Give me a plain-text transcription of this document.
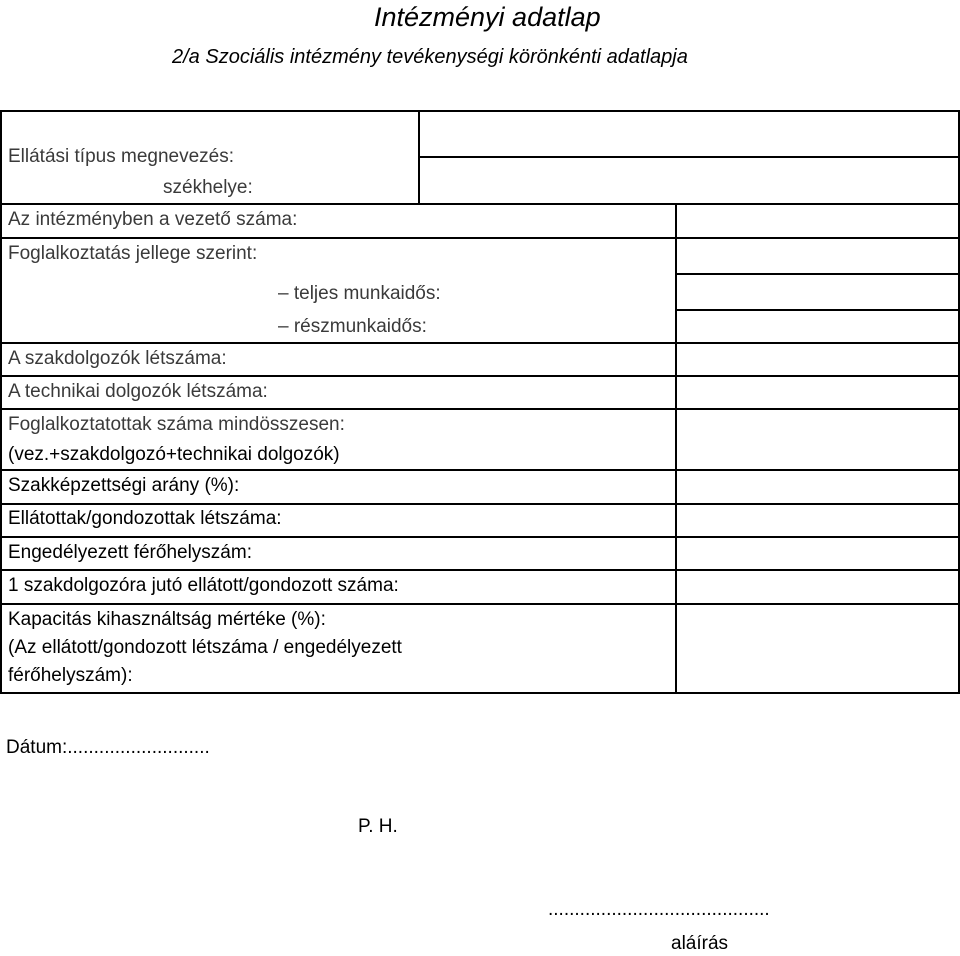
Intézményi adatlap
2/a Szociális intézmény tevékenységi körönkénti adatlapja
Ellátási típus megnevezés:
székhelye:
Az intézményben a vezető száma:
Foglalkoztatás jellege szerint:
– teljes munkaidős:
– részmunkaidős:
A szakdolgozók létszáma:
A technikai dolgozók létszáma:
Foglalkoztatottak száma mindösszesen:
(vez.+szakdolgozó+technikai dolgozók)
Szakképzettségi arány (%):
Ellátottak/gondozottak létszáma:
Engedélyezett férőhelyszám:
1 szakdolgozóra jutó ellátott/gondozott száma:
Kapacitás kihasználtság mértéke (%):
(Az ellátott/gondozott létszáma / engedélyezett
férőhelyszám):
Dátum:...........................
P. H.
..........................................
aláírás
